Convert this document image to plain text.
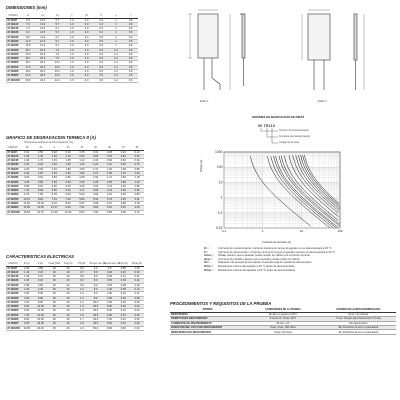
DIMENSIONES (mm)
CODIGO	L1	L2	L3	T	W	d	e	f
LP 30/40	6.0	13.0	5.7	1.6	3.0	0.3	1	0.6
LP 30/110	7.0	13.0	5.7	1.6	3.0	0.4	1	0.6
LP 30/135	7.0	13.0	5.7	1.6	3.0	0.4	1	0.6
LP 30/160	9.2	11.5	5.7	1.6	3.0	0.4	1	0.6
LP 30/180	10.7	11.5	5.7	1.6	3.0	0.5	1	0.6
LP 30/220	11.5	12.0	5.7	1.6	3.0	0.5	1	0.6
LP 30/250	13.5	12.0	5.7	1.6	3.0	0.6	1	0.6
LP 30/300	15.7	15.3	7.6	1.6	3.0	0.6	1.2	0.6
LP 30/400	13.5	15.3	7.6	1.6	3.0	0.6	1.2	0.6
LP 30/500	15.7	15.3	7.6	1.6	3.0	0.6	1.2	0.6
LP 30/600	19.7	20.0	10.2	1.6	3.0	0.6	1.2	0.6
LP 30/700	17.5	20.0	10.2	1.6	3.0	0.6	1.2	0.6
LP 30/800	19.6	20.0	10.2	1.6	3.0	0.6	1.2	0.6
LP 30/900	21.6	20.0	10.2	1.6	3.0	0.6	1.2	0.6
LP 30/1000	23.6	24.4	12.2	1.6	3.0	0.6	1.2	0.6
Estilo 1	Estilo 2
SISTEMA DE MARCACION DE PIEZA
30 TR110
Tension de funcionamiento
Corriente de mantenimiento
Codigo de la serie
GRAFICO DE DEGRADACION TERMICA It (A)
Temperatura ambiente de funcionamiento (°C)
CODIGO	-40	-20	0	20	40	50	60	70	85
LP 30/40	0.61	0.56	0.48	0.40	0.35	0.31	0.28	0.24	0.19
LP 30/110	1.60	1.40	1.25	1.10	0.92	0.84	0.75	0.66	0.52
LP 30/135	1.96	1.72	1.53	1.35	1.12	1.03	0.92	0.81	0.64
LP 30/160	2.32	2.04	1.81	1.60	1.34	1.22	1.10	0.96	0.76
LP 30/180	2.61	2.30	2.04	1.80	1.50	1.37	1.23	1.08	0.85
LP 30/220	3.19	2.81	2.49	2.20	1.83	1.67	1.50	1.32	1.04
LP 30/250	3.63	3.19	2.83	2.50	2.08	1.90	1.71	1.50	1.18
LP 30/300	4.35	3.83	3.39	3.00	2.50	2.28	2.05	1.80	1.42
LP 30/400	5.80	5.10	4.52	4.00	3.34	3.04	2.73	2.40	1.89
LP 30/500	7.25	6.38	5.65	5.00	4.17	3.80	3.42	3.00	2.36
LP 30/600	8.70	7.65	6.78	6.00	5.00	4.56	4.10	3.60	2.83
LP 30/700	10.15	8.93	7.91	7.00	5.84	5.32	4.79	4.20	3.31
LP 30/800	11.60	10.20	9.04	8.00	6.67	6.08	5.47	4.80	3.78
LP 30/900	13.05	11.48	10.17	9.00	7.51	6.84	6.15	5.40	4.25
LP 30/1000	14.50	12.75	11.30	10.00	8.34	7.60	6.84	6.00	4.72
1000
100
10
1
0.1
0.01
0.1	1	10	100
Tiempo (s)
Corriente de prensión (A)
CARACTERISTICAS ELECTRICAS
CODIGO	Ih (A)	It (A)	Vmax (Vdc)	Imax (A)	Pd (W)	Tiempo max. (A)	Tiempo max. (s)	Rmin (Ω)	Rmax (Ω)
LP 30/40	0.40	0.80	30	40	0.6	2.0	3.8	0.85	1.30
LP 30/110	1.10	2.20	30	40	0.7	8.0	0.30	0.15	0.40
LP 30/135	1.35	2.70	30	40	0.8	8.0	0.40	0.12	0.31
LP 30/160	1.60	3.20	30	40	0.9	8.0	0.50	0.09	0.22
LP 30/180	1.80	3.60	30	40	0.9	8.0	0.70	0.08	0.19
LP 30/220	2.20	4.40	30	40	1.0	8.0	1.40	0.05	0.13
LP 30/250	2.50	5.00	30	40	1.0	8.0	2.00	0.04	0.11
LP 30/300	3.00	6.00	30	40	1.1	8.0	3.00	0.03	0.08
LP 30/400	4.00	8.00	30	40	1.2	20.0	3.00	0.02	0.05
LP 30/500	5.00	10.00	30	40	1.4	25.0	5.00	0.02	0.04
LP 30/600	6.00	12.00	30	40	1.5	30.0	5.30	0.01	0.03
LP 30/700	7.00	14.00	30	40	1.6	35.0	6.00	0.01	0.03
LP 30/800	8.00	16.00	30	40	1.7	40.0	7.00	0.01	0.02
LP 30/900	9.00	18.00	30	40	1.8	45.0	8.00	0.01	0.02
LP 30/1000	10.00	20.00	30	40	1.9	50.0	9.00	0.00	0.02
Ih =	Corriente de mantenimiento: corriente máxima en la que el aparato no se desconectará a 20 °C
It =	Corriente de desconexión: corriente mínima en la que el aparato siempre se desconectará a 20 °C
Vmax = Voltaje máximo que el aparato puede resistir sin daños a la corriente nominal
Imax = Corriente de pérdida máxima que el aparato puede resistir sin daños
Pd =	Disipación de energía típica cuando el aparato está en estado de desconexión
Rmin = Resistencia mínima del aparato a 20 °C antes de desconectarse
Rmax = Resistencia máxima del aparato a 20 °C antes de desconectarse
PROCEDIMIENTOS Y REQUISITOS DE LA PRUEBA
PRUEBA	CONDICIONES DE LA PRUEBA	CRITERIO DE ACEPTACION/RECHAZO
RESISTENCIA	En aire en reposo a 20°C	Rmin ≤ R ≤ Rmax
TIEMPO PARA DESCONEXION	5 veces Ih, Vmax, 20°C	T max. Tiempo para desconexión (Tmax)
CORRIENTE DE MANTENIMIENTO	30 min. a Ih	Sin desconexión
DURACION DEL CICLO DE DESCONEXION	Vmax, Imax, 100 ciclos	Sin formación de arco o quemadura
RESISTENCIA DE DESCONEXION	Vmax, 24 horas	Sin formación de arco o quemadura
